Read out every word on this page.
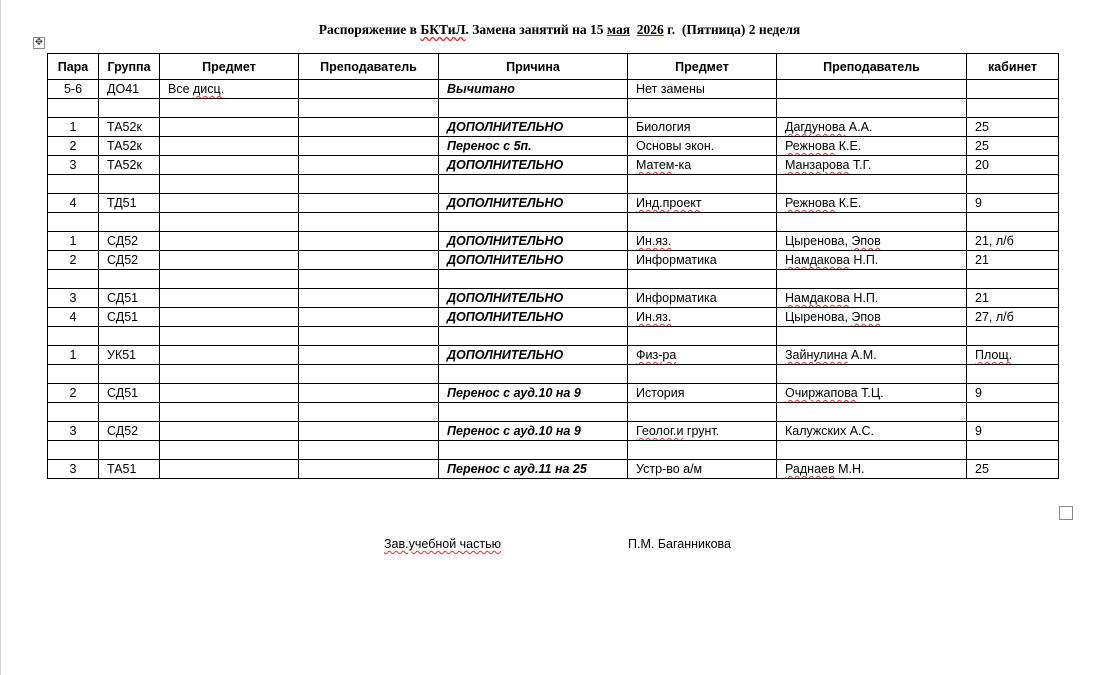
Распоряжение в БКТиЛ. Замена занятий на 15 мая 2026 г.  (Пятница) 2 неделя
✥
Пара	Группа	Предмет	Преподаватель	Причина	Предмет	Преподаватель	кабинет
5-6	ДО41	Все дисц.		Вычитано	Нет замены		

1	ТА52к			ДОПОЛНИТЕЛЬНО	Биология	Дагдунова А.А.	25
2	ТА52к			Перенос с 5п.	Основы экон.	Режнова К.Е.	25
3	ТА52к			ДОПОЛНИТЕЛЬНО	Матем-ка	Манзарова Т.Г.	20

4	ТД51			ДОПОЛНИТЕЛЬНО	Инд.проект	Режнова К.Е.	9

1	СД52			ДОПОЛНИТЕЛЬНО	Ин.яз.	Цыренова, Эпов	21, л/б
2	СД52			ДОПОЛНИТЕЛЬНО	Информатика	Намдакова Н.П.	21

3	СД51			ДОПОЛНИТЕЛЬНО	Информатика	Намдакова Н.П.	21
4	СД51			ДОПОЛНИТЕЛЬНО	Ин.яз.	Цыренова, Эпов	27, л/б

1	УК51			ДОПОЛНИТЕЛЬНО	Физ-ра	Зайнулина А.М.	Площ.

2	СД51			Перенос с ауд.10 на 9	История	Очиржапова Т.Ц.	9

3	СД52			Перенос с ауд.10 на 9	Геолог.и грунт.	Калужских А.С.	9

3	ТА51			Перенос с ауд.11 на 25	Устр-во а/м	Раднаев М.Н.	25
Зав.учебной частью	П.М. Баганникова
